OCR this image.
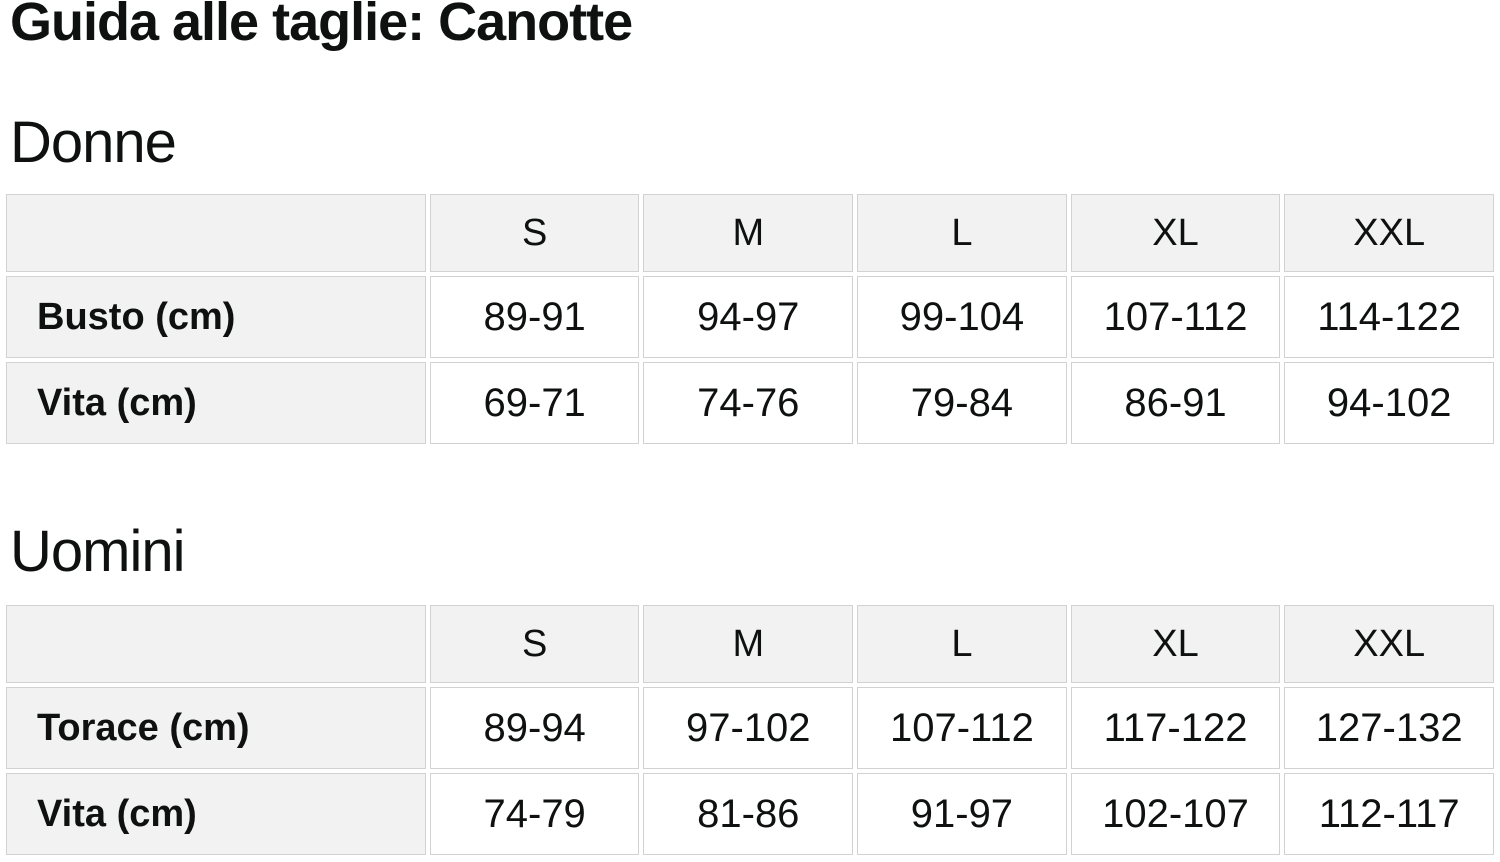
Guida alle taglie: Canotte
Donne
	S	M	L	XL	XXL
Busto (cm)	89-91	94-97	99-104	107-112	114-122
Vita (cm)	69-71	74-76	79-84	86-91	94-102
Uomini
	S	M	L	XL	XXL
Torace (cm)	89-94	97-102	107-112	117-122	127-132
Vita (cm)	74-79	81-86	91-97	102-107	112-117
